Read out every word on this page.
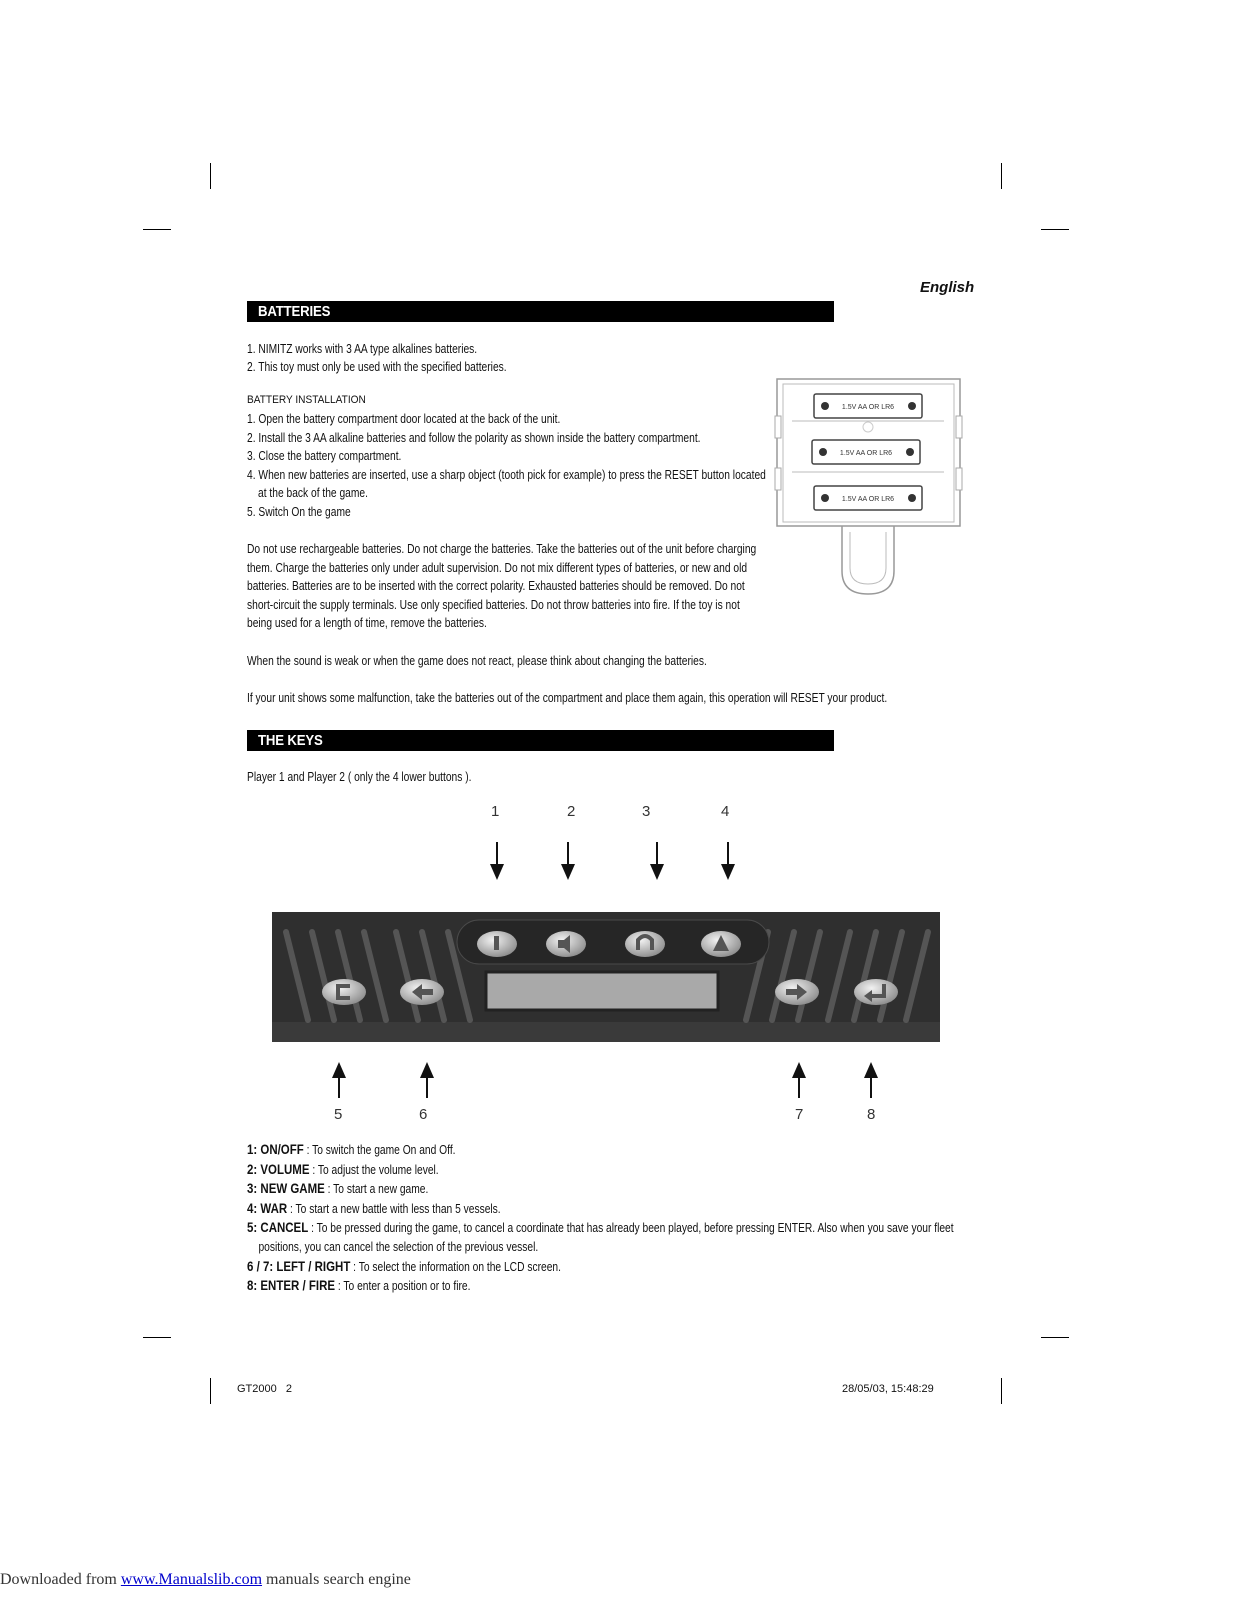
English
BATTERIES
1. NIMITZ works with 3 AA type alkalines batteries.
2. This toy must only be used with the specified batteries.
BATTERY INSTALLATION
1. Open the battery compartment door located at the back of the unit.
2. Install the 3 AA alkaline batteries and follow the polarity as shown inside the battery compartment.
3. Close the battery compartment.
4. When new batteries are inserted, use a sharp object (tooth pick for example) to press the RESET button located
at the back of the game.
5. Switch On the game
Do not use rechargeable batteries. Do not charge the batteries. Take the batteries out of the unit before charging them. Charge the batteries only under adult supervision. Do not mix different types of batteries, or new and old batteries. Batteries are to be inserted with the correct polarity. Exhausted batteries should be removed. Do not short-circuit the supply terminals. Use only specified batteries. Do not throw batteries into fire. If the toy is not being used for a length of time, remove the batteries.
When the sound is weak or when the game does not react, please think about changing the batteries.
If your unit shows some malfunction, take the batteries out of the compartment and place them again, this operation will RESET your product.
1.5V AA OR LR6
1.5V AA OR LR6
1.5V AA OR LR6
THE KEYS
Player 1 and Player 2 ( only the 4 lower buttons ).
1	2	3	4
5	6	7	8
1: ON/OFF : To switch the game On and Off.
2: VOLUME : To adjust the volume level.
3: NEW GAME : To start a new game.
4: WAR : To start a new battle with less than 5 vessels.
5: CANCEL : To be pressed during the game, to cancel a coordinate that has already been played, before pressing ENTER. Also when you save your fleet
positions, you can cancel the selection of the previous vessel.
6 / 7: LEFT / RIGHT : To select the information on the LCD screen.
8: ENTER / FIRE : To enter a position or to fire.
GT2000   2	28/05/03, 15:48:29
Downloaded from www.Manualslib.com manuals search engine
